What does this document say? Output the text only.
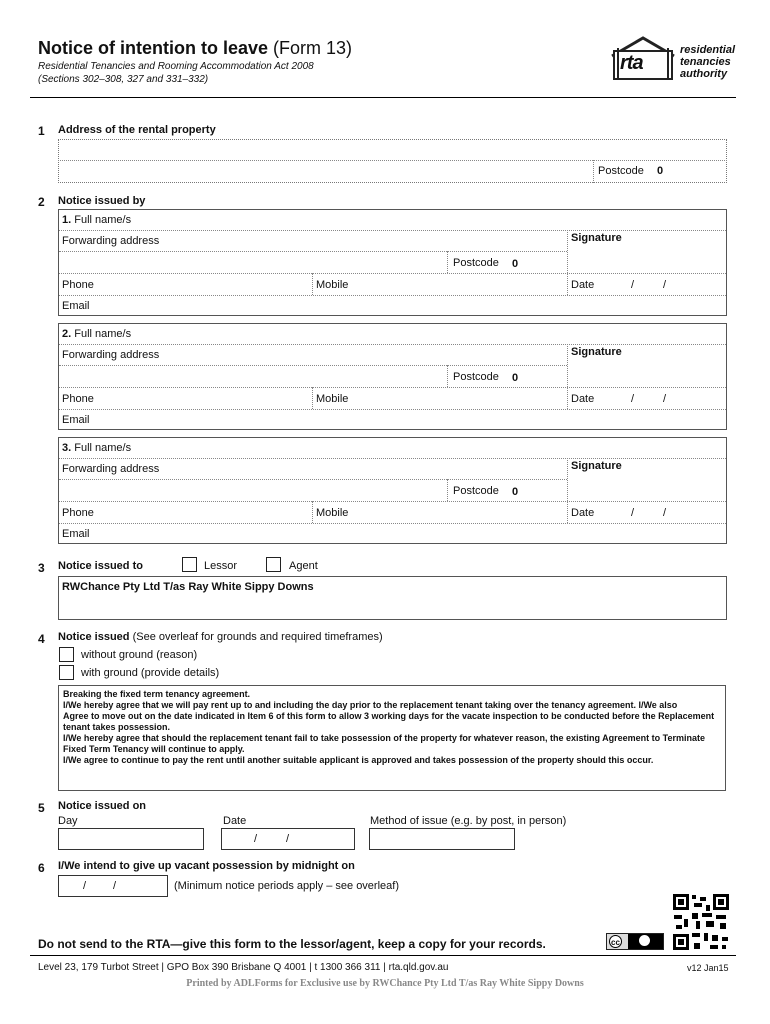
Notice of intention to leave (Form 13)
Residential Tenancies and Rooming Accommodation Act 2008
(Sections 302–308, 327 and 331–332)
rta
residential
tenancies
authority
1 Address of the rental property
Postcode 0
2 Notice issued by
1. Full name/s
Forwarding address	Signature
Postcode 0
Phone	Mobile	Date	/	/
Email
2. Full name/s
Forwarding address	Signature
Postcode 0
Phone	Mobile	Date	/	/
Email
3. Full name/s
Forwarding address	Signature
Postcode 0
Phone	Mobile	Date	/	/
Email
3 Notice issued to	Lessor	Agent
RWChance Pty Ltd T/as Ray White Sippy Downs
4 Notice issued (See overleaf for grounds and required timeframes)
without ground (reason)
with ground (provide details)
Breaking the fixed term tenancy agreement.
I/We hereby agree that we will pay rent up to and including the day prior to the replacement tenant taking over the tenancy agreement. I/We also
Agree to move out on the date indicated in Item 6 of this form to allow 3 working days for the vacate inspection to be conducted before the Replacement tenant takes possession.
I/We hereby agree that should the replacement tenant fail to take possession of the property for whatever reason, the existing Agreement to Terminate Fixed Term Tenancy will continue to apply.
I/We agree to continue to pay the rent until another suitable applicant is approved and takes possession of the property should this occur.
5 Notice issued on
Day	Date	Method of issue (e.g. by post, in person)
/	/
6 I/We intend to give up vacant possession by midnight on
/ /	(Minimum notice periods apply – see overleaf)
Do not send to the RTA—give this form to the lessor/agent, keep a copy for your records.	cc
Level 23, 179 Turbot Street | GPO Box 390 Brisbane Q 4001 | t 1300 366 311 | rta.qld.gov.au	v12 Jan15
Printed by ADLForms for Exclusive use by RWChance Pty Ltd T/as Ray White Sippy Downs
